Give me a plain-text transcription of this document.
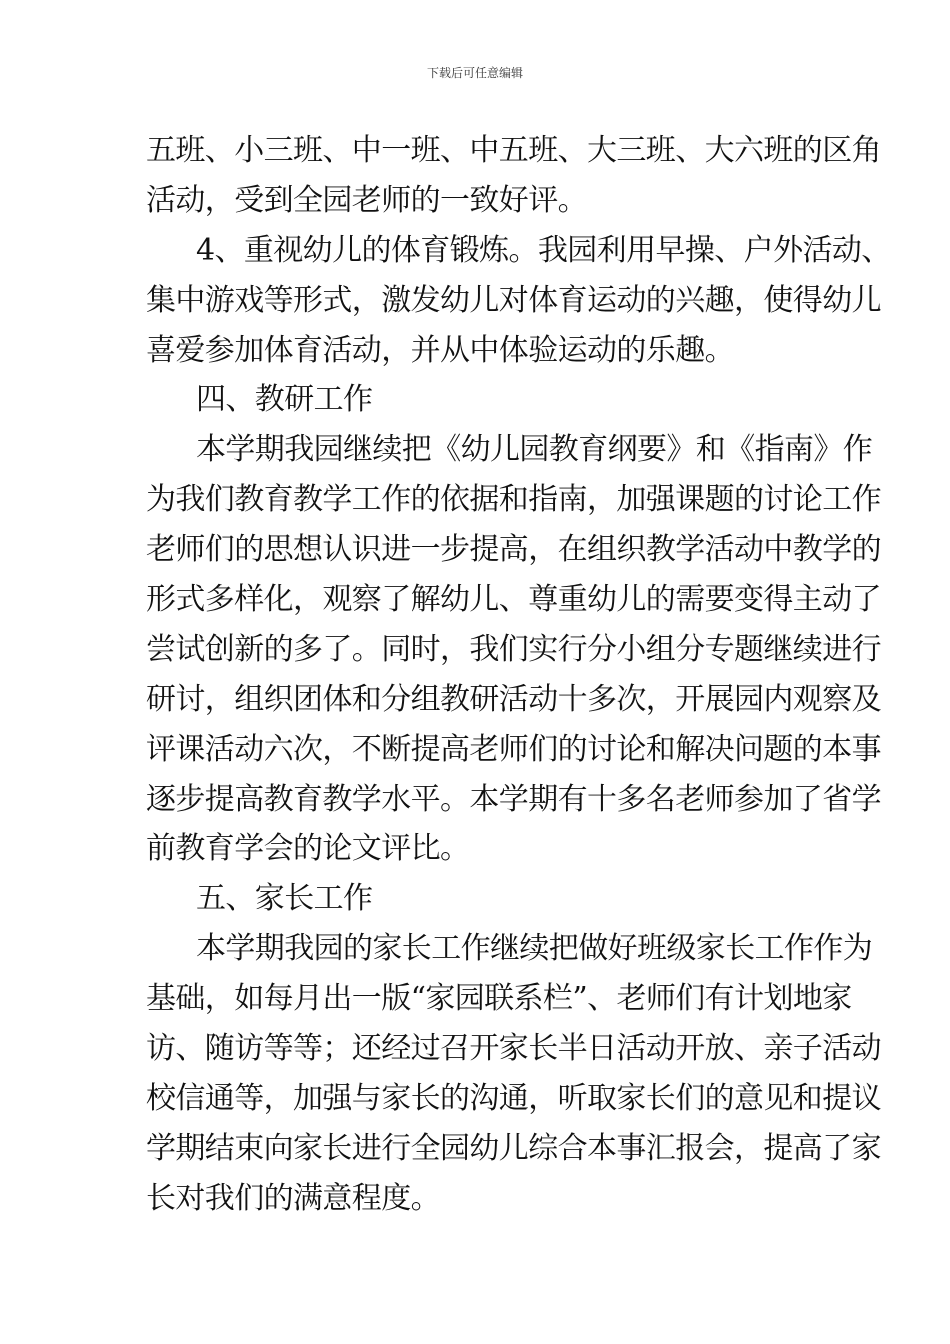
下载后可任意编辑
五班、小三班、中一班、中五班、大三班、大六班的区角
活动，受到全园老师的一致好评。
4、重视幼儿的体育锻炼。我园利用早操、户外活动、
集中游戏等形式，激发幼儿对体育运动的兴趣，使得幼儿
喜爱参加体育活动，并从中体验运动的乐趣。
四、教研工作
本学期我园继续把《幼儿园教育纲要》和《指南》作
为我们教育教学工作的依据和指南，加强课题的讨论工作
老师们的思想认识进一步提高，在组织教学活动中教学的
形式多样化，观察了解幼儿、尊重幼儿的需要变得主动了
尝试创新的多了。同时，我们实行分小组分专题继续进行
研讨，组织团体和分组教研活动十多次，开展园内观察及
评课活动六次，不断提高老师们的讨论和解决问题的本事
逐步提高教育教学水平。本学期有十多名老师参加了省学
前教育学会的论文评比。
五、家长工作
本学期我园的家长工作继续把做好班级家长工作作为
基础，如每月出一版“家园联系栏”、老师们有计划地家
访、随访等等；还经过召开家长半日活动开放、亲子活动
校信通等，加强与家长的沟通，听取家长们的意见和提议
学期结束向家长进行全园幼儿综合本事汇报会，提高了家
长对我们的满意程度。
